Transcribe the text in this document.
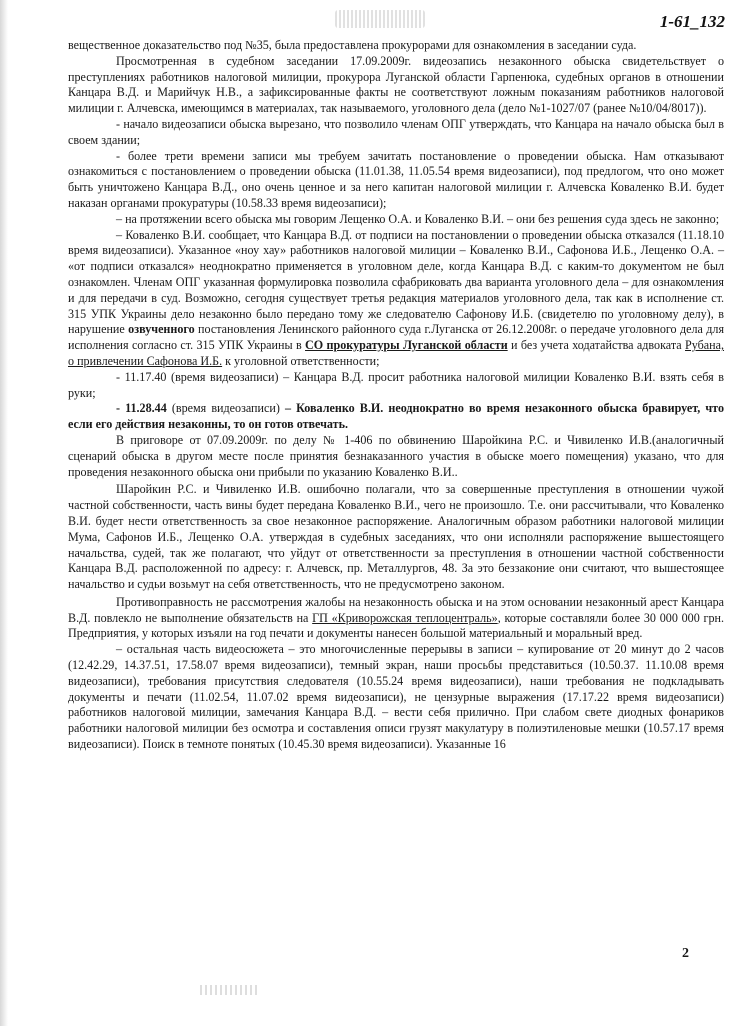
1-61_132

вещественное доказательство под №35, была предоставлена прокурорами для ознакомления в заседании суда.

Просмотренная в судебном заседании 17.09.2009г. видеозапись незаконного обыска свидетельствует о преступлениях работников налоговой милиции, прокурора Луганской области Гарпенюка, судебных органов в отношении Канцара В.Д. и Марийчук Н.В., а зафиксированные факты не соответствуют ложным показаниям работников налоговой милиции г. Алчевска, имеющимся в материалах, так называемого, уголовного дела (дело №1-1027/07 (ранее №10/04/8017)).

- начало видеозаписи обыска вырезано, что позволило членам ОПГ утверждать, что Канцара на начало обыска был в своем здании;

- более трети времени записи мы требуем зачитать постановление о проведении обыска. Нам отказывают ознакомиться с постановлением о проведении обыска (11.01.38, 11.05.54 время видеозаписи), под предлогом, что оно может быть уничтожено Канцара В.Д., оно очень ценное и за него капитан налоговой милиции г. Алчевска Коваленко В.И. будет наказан органами прокуратуры (10.58.33 время видеозаписи);

– на протяжении всего обыска мы говорим Лещенко О.А. и Коваленко В.И. – они без решения суда здесь не законно;

– Коваленко В.И. сообщает, что Канцара В.Д. от подписи на постановлении о проведении обыска отказался (11.18.10 время видеозаписи). Указанное «ноу хау» работников налоговой милиции – Коваленко В.И., Сафонова И.Б., Лещенко О.А. – «от подписи отказался» неоднократно применяется в уголовном деле, когда Канцара В.Д. с каким-то документом не был ознакомлен. Членам ОПГ указанная формулировка позволила сфабриковать два варианта уголовного дела – для ознакомления и для передачи в суд. Возможно, сегодня существует третья редакция материалов уголовного дела, так как в исполнение ст. 315 УПК Украины дело незаконно было передано тому же следователю Сафонову И.Б. (свидетелю по уголовному делу), в нарушение озвученного постановления Ленинского районного суда г.Луганска от 26.12.2008г. о передаче уголовного дела для исполнения согласно ст. 315 УПК Украины в СО прокуратуры Луганской области и без учета ходатайства адвоката Рубана, о привлечении Сафонова И.Б. к уголовной ответственности;

- 11.17.40 (время видеозаписи) – Канцара В.Д. просит работника налоговой милиции Коваленко В.И. взять себя в руки;

- 11.28.44 (время видеозаписи) – Коваленко В.И. неоднократно во время незаконного обыска бравирует, что если его действия незаконны, то он готов отвечать.

В приговоре от 07.09.2009г. по делу № 1-406 по обвинению Шаройкина Р.С. и Чивиленко И.В.(аналогичный сценарий обыска в другом месте после принятия безнаказанного участия в обыске моего помещения) указано, что для проведения незаконного обыска они прибыли по указанию Коваленко В.И..

Шаройкин Р.С. и Чивиленко И.В. ошибочно полагали, что за совершенные преступления в отношении чужой частной собственности, часть вины будет передана Коваленко В.И., чего не произошло. Т.е. они рассчитывали, что Коваленко В.И. будет нести ответственность за свое незаконное распоряжение. Аналогичным образом работники налоговой милиции Мума, Сафонов И.Б., Лещенко О.А. утверждая в судебных заседаниях, что они исполняли распоряжение вышестоящего начальства, судей, так же полагают, что уйдут от ответственности за преступления в отношении частной собственности Канцара В.Д. расположенной по адресу: г. Алчевск, пр. Металлургов, 48. За это беззаконие они считают, что вышестоящее начальство и судьи возьмут на себя ответственность, что не предусмотрено законом.

Противоправность не рассмотрения жалобы на незаконность обыска и на этом основании незаконный арест Канцара В.Д. повлекло не выполнение обязательств на ГП «Криворожская теплоцентраль», которые составляли более 30 000 000 грн. Предприятия, у которых изъяли на год печати и документы нанесен большой материальный и моральный вред.

– остальная часть видеосюжета – это многочисленные перерывы в записи – купирование от 20 минут до 2 часов (12.42.29, 14.37.51, 17.58.07 время видеозаписи), темный экран, наши просьбы представиться (10.50.37. 11.10.08 время видеозаписи), требования присутствия следователя (10.55.24 время видеозаписи), наши требования не подкладывать документы и печати (11.02.54, 11.07.02 время видеозаписи), не цензурные выражения (17.17.22 время видеозаписи) работников налоговой милиции, замечания Канцара В.Д. – вести себя прилично. При слабом свете диодных фонариков работники налоговой милиции без осмотра и составления описи грузят макулатуру в полиэтиленовые мешки (10.57.17 время видеозаписи). Поиск в темноте понятых (10.45.30 время видеозаписи). Указанные 16

2
